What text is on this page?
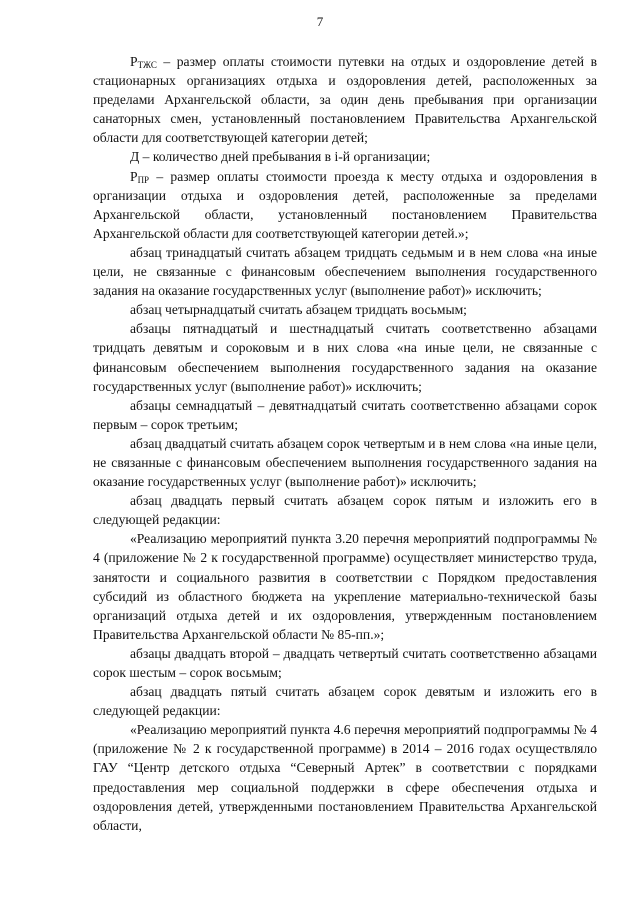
7

$Р_{ТЖС}$ – размер оплаты стоимости путевки на отдых и оздоровление детей в стационарных организациях отдыха и оздоровления детей, расположенных за пределами Архангельской области, за один день пребывания при организации санаторных смен, установленный постановлением Правительства Архангельской области для соответствующей категории детей;

Д – количество дней пребывания в i-й организации;

$Р_{ПР}$ – размер оплаты стоимости проезда к месту отдыха и оздоровления в организации отдыха и оздоровления детей, расположенные за пределами Архангельской области, установленный постановлением Правительства Архангельской области для соответствующей категории детей.»;

абзац тринадцатый считать абзацем тридцать седьмым и в нем слова «на иные цели, не связанные с финансовым обеспечением выполнения государственного задания на оказание государственных услуг (выполнение работ)» исключить;

абзац четырнадцатый считать абзацем тридцать восьмым;

абзацы пятнадцатый и шестнадцатый считать соответственно абзацами тридцать девятым и сороковым и в них слова «на иные цели, не связанные с финансовым обеспечением выполнения государственного задания на оказание государственных услуг (выполнение работ)» исключить;

абзацы семнадцатый – девятнадцатый считать соответственно абзацами сорок первым – сорок третьим;

абзац двадцатый считать абзацем сорок четвертым и в нем слова «на иные цели, не связанные с финансовым обеспечением выполнения государственного задания на оказание государственных услуг (выполнение работ)» исключить;

абзац двадцать первый считать абзацем сорок пятым и изложить его в следующей редакции:

«Реализацию мероприятий пункта 3.20 перечня мероприятий подпрограммы № 4 (приложение № 2 к государственной программе) осуществляет министерство труда, занятости и социального развития в соответствии с Порядком предоставления субсидий из областного бюджета на укрепление материально-технической базы организаций отдыха детей и их оздоровления, утвержденным постановлением Правительства Архангельской области № 85-пп.»;

абзацы двадцать второй – двадцать четвертый считать соответственно абзацами сорок шестым – сорок восьмым;

абзац двадцать пятый считать абзацем сорок девятым и изложить его в следующей редакции:

«Реализацию мероприятий пункта 4.6 перечня мероприятий подпрограммы № 4 (приложение № 2 к государственной программе) в 2014 – 2016 годах осуществляло ГАУ “Центр детского отдыха “Северный Артек” в соответствии с порядками предоставления мер социальной поддержки в сфере обеспечения отдыха и оздоровления детей, утвержденными постановлением Правительства Архангельской области,
